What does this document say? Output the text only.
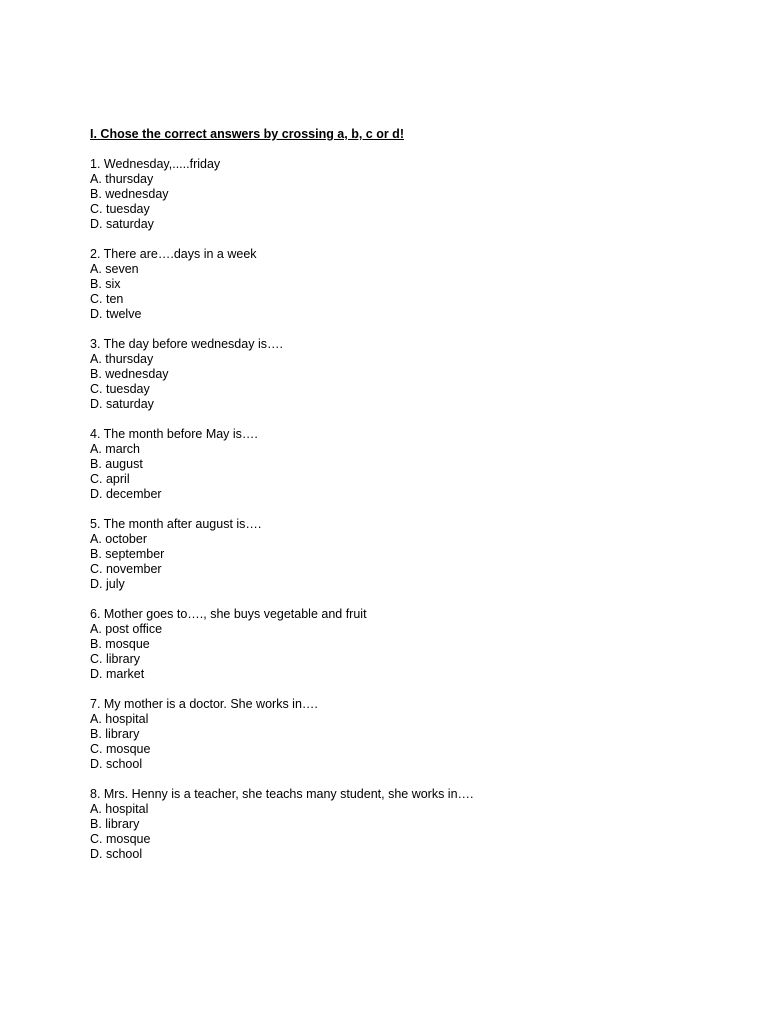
I. Chose the correct answers by crossing a, b, c or d!
1. Wednesday,.....friday
A. thursday
B. wednesday
C. tuesday
D. saturday
2. There are….days in a week
A. seven
B. six
C. ten
D. twelve
3. The day before wednesday is….
A. thursday
B. wednesday
C. tuesday
D. saturday
4. The month before May is….
A. march
B. august
C. april
D. december
5. The month after august is….
A. october
B. september
C. november
D. july
6. Mother goes to…., she buys vegetable and fruit
A. post office
B. mosque
C. library
D. market
7. My mother is a doctor. She works in….
A. hospital
B. library
C. mosque
D. school
8. Mrs. Henny is a teacher, she teachs many student, she works in….
A. hospital
B. library
C. mosque
D. school
